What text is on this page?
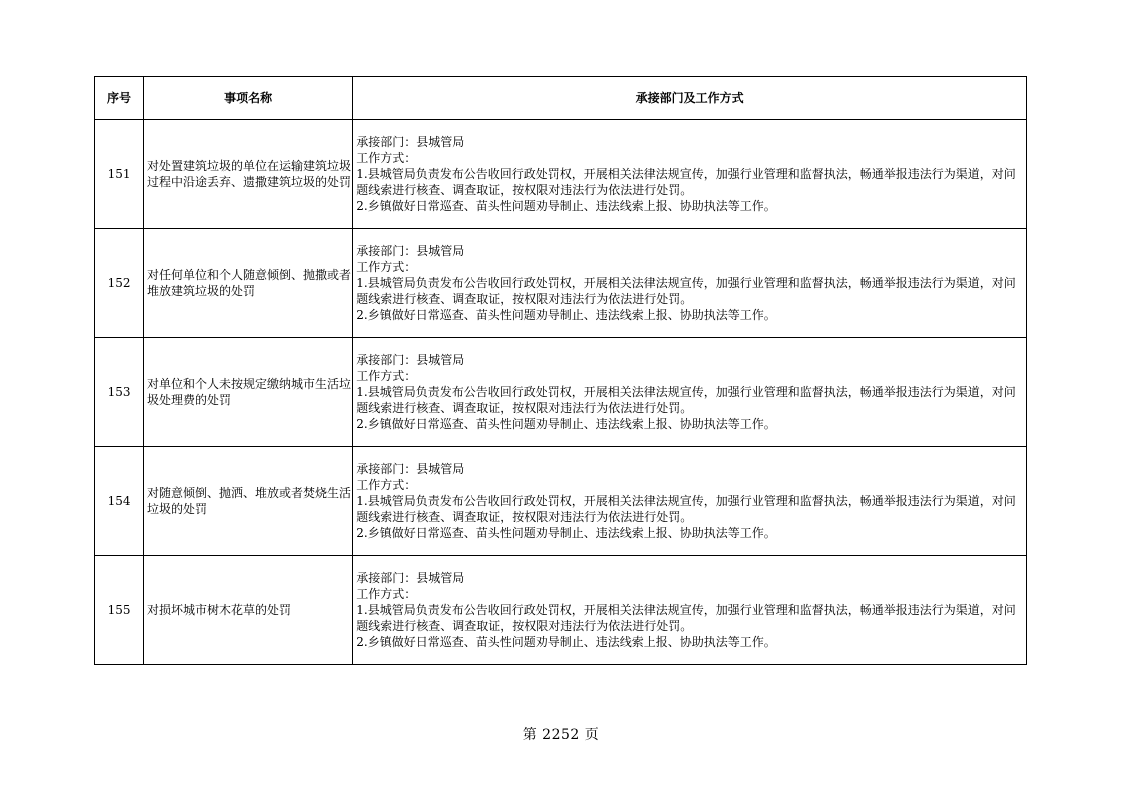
序号	事项名称	承接部门及工作方式
151	对处置建筑垃圾的单位在运输建筑垃圾过程中沿途丢弃、遗撒建筑垃圾的处罚	承接部门：县城管局
工作方式：
1.县城管局负责发布公告收回行政处罚权，开展相关法律法规宣传，加强行业管理和监督执法，畅通举报违法行为渠道，对问题线索进行核查、调查取证，按权限对违法行为依法进行处罚。
2.乡镇做好日常巡查、苗头性问题劝导制止、违法线索上报、协助执法等工作。

152	对任何单位和个人随意倾倒、抛撒或者堆放建筑垃圾的处罚	承接部门：县城管局
工作方式：
1.县城管局负责发布公告收回行政处罚权，开展相关法律法规宣传，加强行业管理和监督执法，畅通举报违法行为渠道，对问题线索进行核查、调查取证，按权限对违法行为依法进行处罚。
2.乡镇做好日常巡查、苗头性问题劝导制止、违法线索上报、协助执法等工作。

153	对单位和个人未按规定缴纳城市生活垃圾处理费的处罚	承接部门：县城管局
工作方式：
1.县城管局负责发布公告收回行政处罚权，开展相关法律法规宣传，加强行业管理和监督执法，畅通举报违法行为渠道，对问题线索进行核查、调查取证，按权限对违法行为依法进行处罚。
2.乡镇做好日常巡查、苗头性问题劝导制止、违法线索上报、协助执法等工作。

154	对随意倾倒、抛洒、堆放或者焚烧生活垃圾的处罚	承接部门：县城管局
工作方式：
1.县城管局负责发布公告收回行政处罚权，开展相关法律法规宣传，加强行业管理和监督执法，畅通举报违法行为渠道，对问题线索进行核查、调查取证，按权限对违法行为依法进行处罚。
2.乡镇做好日常巡查、苗头性问题劝导制止、违法线索上报、协助执法等工作。

155	对损坏城市树木花草的处罚	承接部门：县城管局
工作方式：
1.县城管局负责发布公告收回行政处罚权，开展相关法律法规宣传，加强行业管理和监督执法，畅通举报违法行为渠道，对问题线索进行核查、调查取证，按权限对违法行为依法进行处罚。
2.乡镇做好日常巡查、苗头性问题劝导制止、违法线索上报、协助执法等工作。
第 2252 页
